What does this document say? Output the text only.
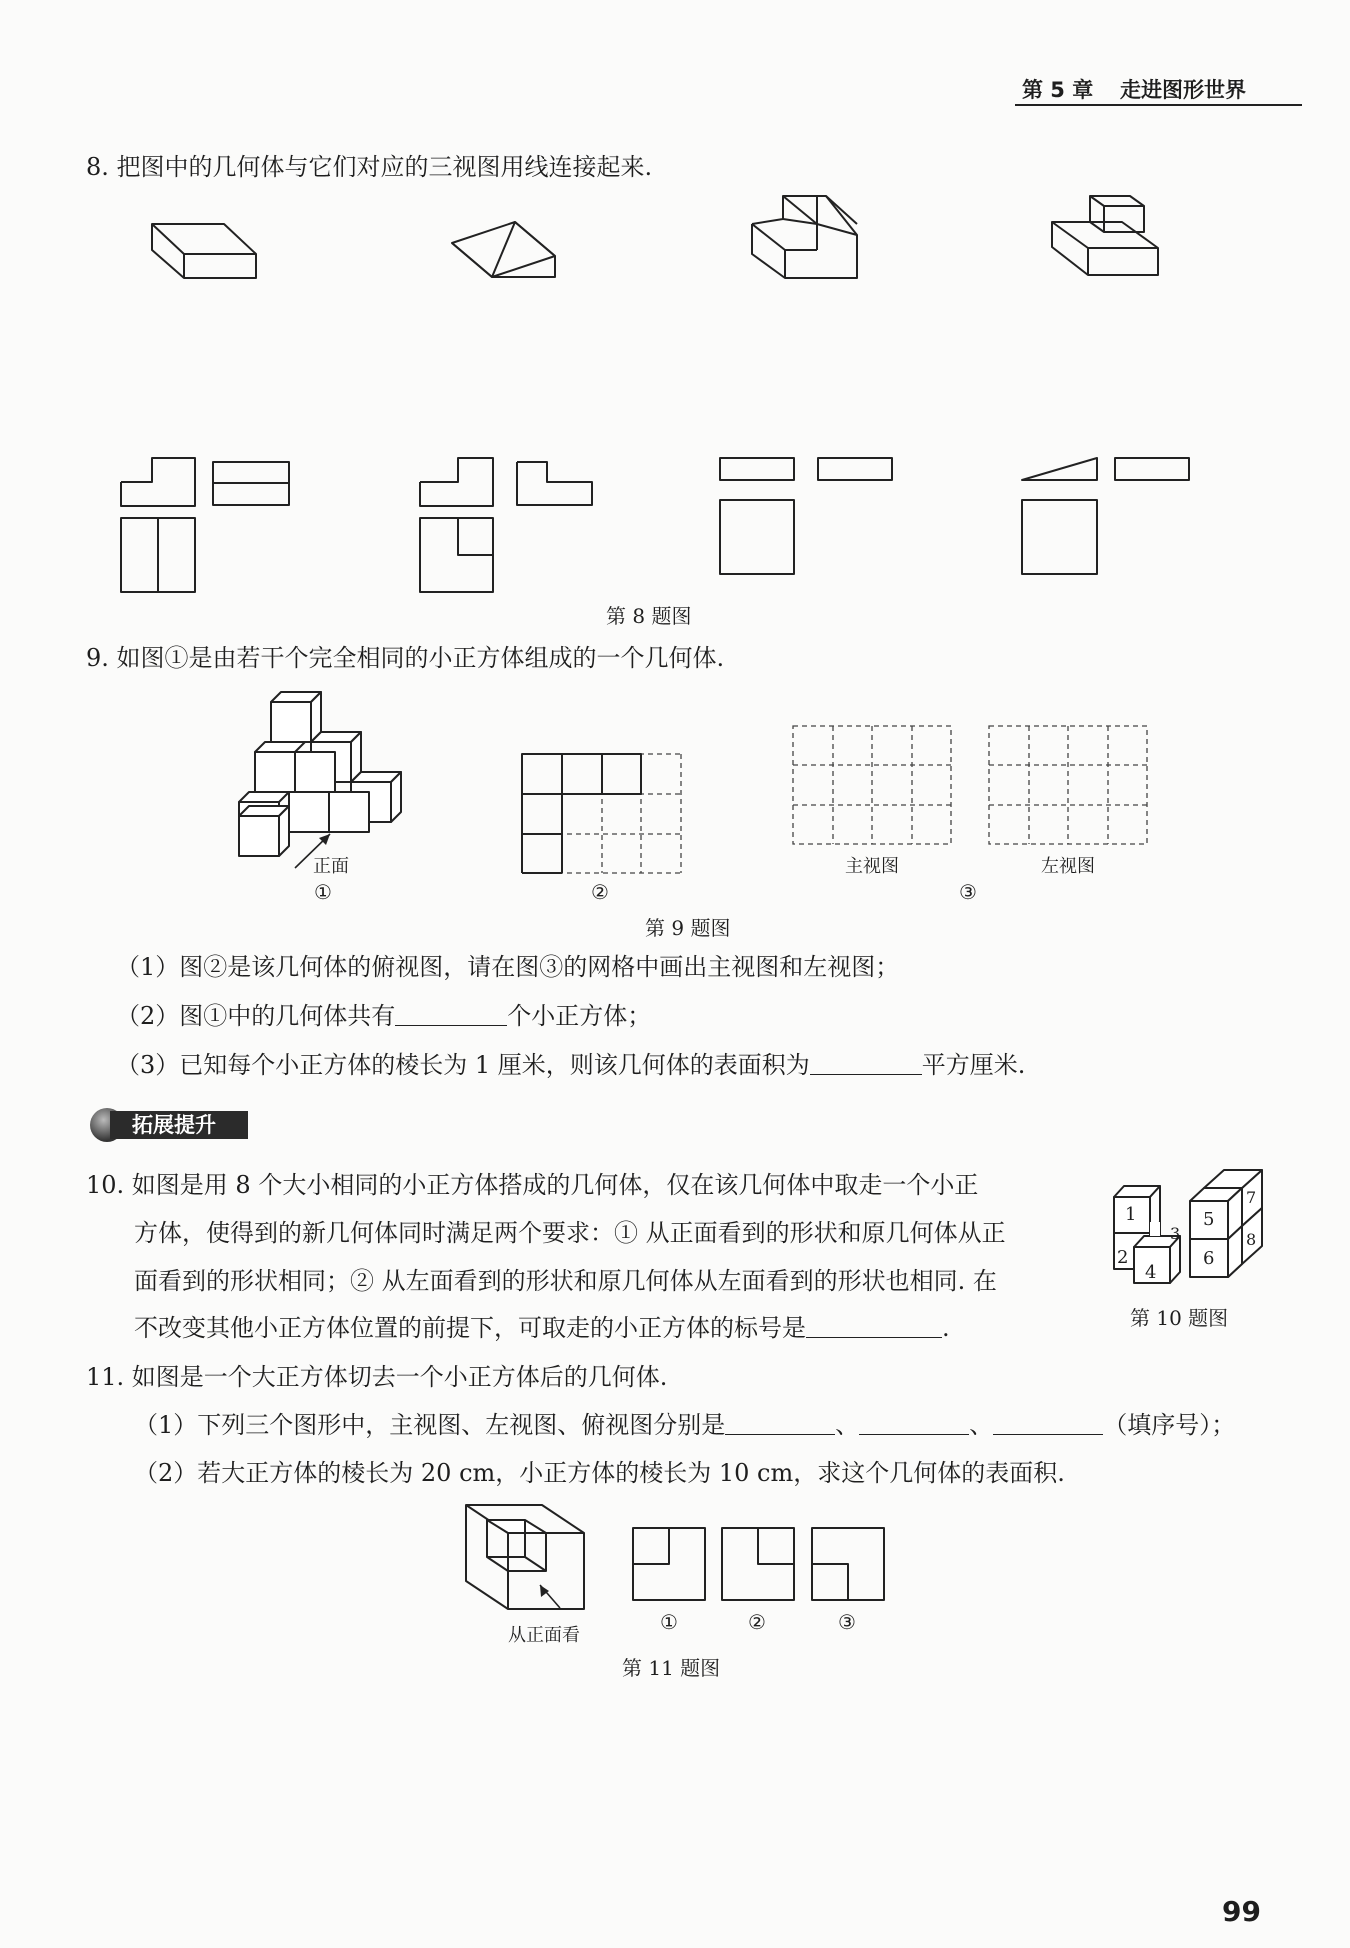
第 5 章 走进图形世界
8. 把图中的几何体与它们对应的三视图用线连接起来.
第 8 题图
9. 如图①是由若干个完全相同的小正方体组成的一个几何体.
正面
①	②
主视图	左视图
③
第 9 题图
（1）图②是该几何体的俯视图，请在图③的网格中画出主视图和左视图；
（2）图①中的几何体共有	个小正方体；
（3）已知每个小正方体的棱长为 1 厘米，则该几何体的表面积为	平方厘米.
拓展提升
10. 如图是用 8 个大小相同的小正方体搭成的几何体，仅在该几何体中取走一个小正
方体，使得到的新几何体同时满足两个要求：① 从正面看到的形状和原几何体从正
面看到的形状相同；② 从左面看到的形状和原几何体从左面看到的形状也相同. 在
不改变其他小正方体位置的前提下，可取走的小正方体的标号是	.
1
2
3
4
5
6
7
8
第 10 题图
11. 如图是一个大正方体切去一个小正方体后的几何体.
（1）下列三个图形中，主视图、左视图、俯视图分别是	、	、	（填序号）；
（2）若大正方体的棱长为 20 cm，小正方体的棱长为 10 cm，求这个几何体的表面积.
从正面看
①	②	③
第 11 题图
99
